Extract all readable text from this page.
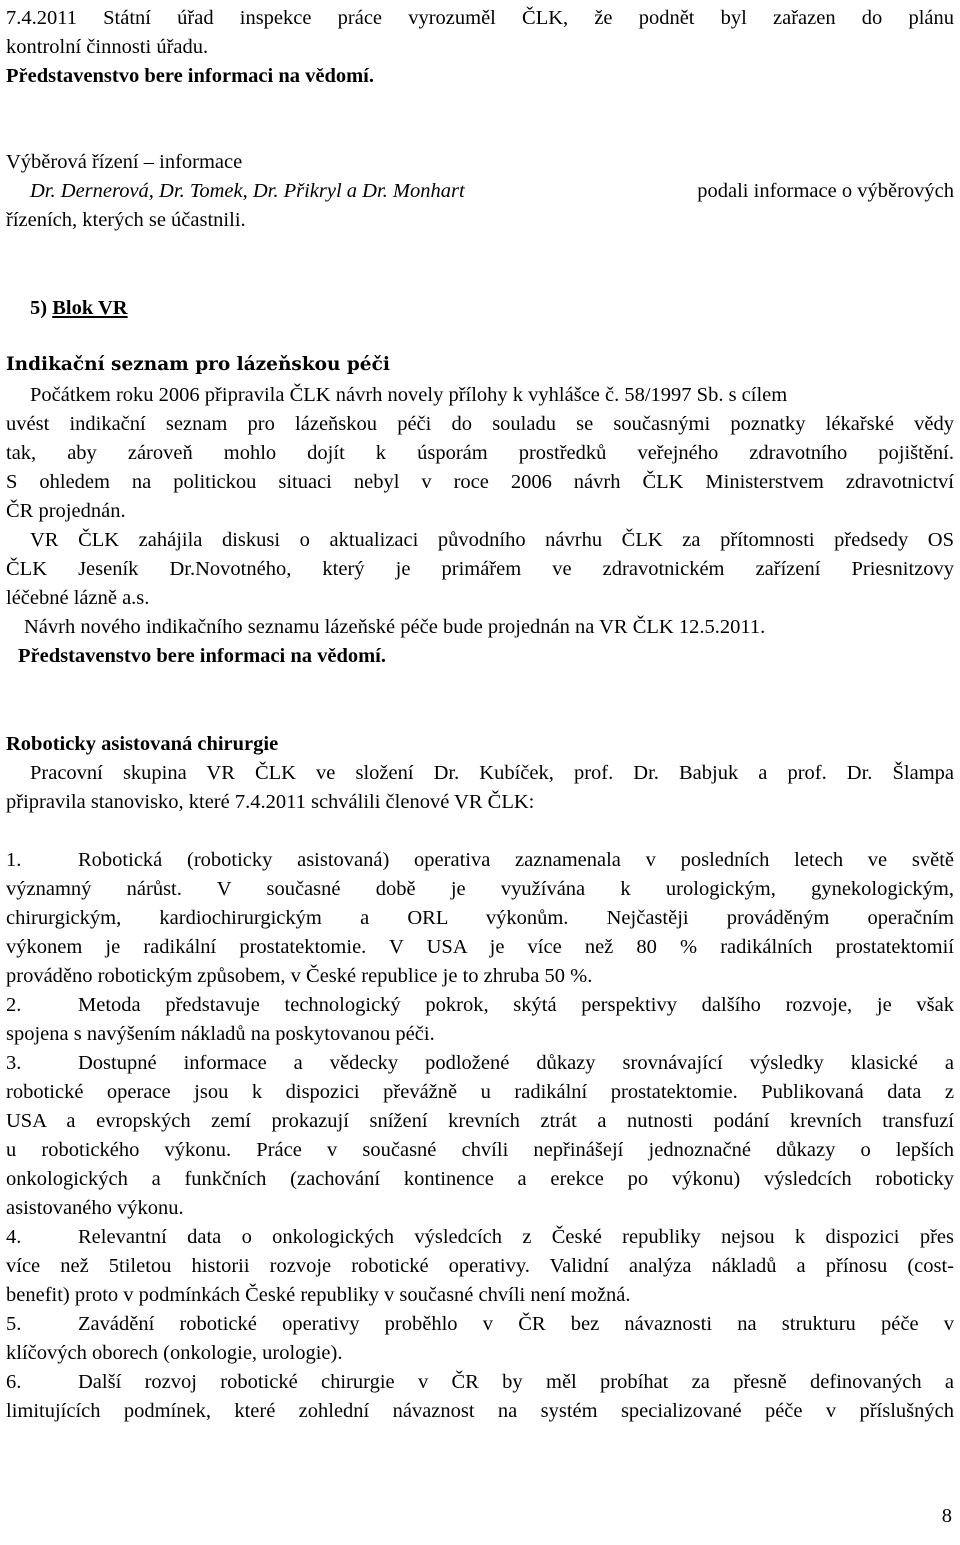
7.4.2011 Státní úřad inspekce práce vyrozuměl ČLK, že podnět byl zařazen do plánu
kontrolní činnosti úřadu.
Představenstvo bere informaci na vědomí.
Výběrová řízení – informace
Dr. Dernerová, Dr. Tomek, Dr. Přikryl a Dr. Monhart	podali informace o výběrových
řízeních, kterých se účastnili.
5) Blok VR
Indikační seznam pro lázeňskou péči
Počátkem roku 2006 připravila ČLK návrh novely přílohy k vyhlášce č. 58/1997 Sb. s cílem
uvést indikační seznam pro lázeňskou péči do souladu se současnými poznatky lékařské vědy
tak, aby zároveň mohlo dojít k úsporám prostředků veřejného zdravotního pojištění.
S ohledem na politickou situaci nebyl v roce 2006 návrh ČLK Ministerstvem zdravotnictví
ČR projednán.
VR ČLK zahájila diskusi o aktualizaci původního návrhu ČLK za přítomnosti předsedy OS
ČLK Jeseník Dr.Novotného, který je primářem ve zdravotnickém zařízení Priesnitzovy
léčebné lázně a.s.
Návrh nového indikačního seznamu lázeňské péče bude projednán na VR ČLK 12.5.2011.
Představenstvo bere informaci na vědomí.
Roboticky asistovaná chirurgie
Pracovní skupina VR ČLK ve složení Dr. Kubíček, prof. Dr. Babjuk a prof. Dr. Šlampa
připravila stanovisko, které 7.4.2011 schválili členové VR ČLK:
1.	Robotická (roboticky asistovaná) operativa zaznamenala v posledních letech ve světě
významný nárůst. V současné době je využívána k urologickým, gynekologickým,
chirurgickým, kardiochirurgickým a ORL výkonům. Nejčastěji prováděným operačním
výkonem je radikální prostatektomie. V USA je více než 80 % radikálních prostatektomií
prováděno robotickým způsobem, v České republice je to zhruba 50 %.
2.	Metoda představuje technologický pokrok, skýtá perspektivy dalšího rozvoje, je však
spojena s navýšením nákladů na poskytovanou péči.
3.	Dostupné informace a vědecky podložené důkazy srovnávající výsledky klasické a
robotické operace jsou k dispozici převážně u radikální prostatektomie. Publikovaná data z
USA a evropských zemí prokazují snížení krevních ztrát a nutnosti podání krevních transfuzí
u robotického výkonu. Práce v současné chvíli nepřinášejí jednoznačné důkazy o lepších
onkologických a funkčních (zachování kontinence a erekce po výkonu) výsledcích roboticky
asistovaného výkonu.
4.	Relevantní data o onkologických výsledcích z České republiky nejsou k dispozici přes
více než 5tiletou historii rozvoje robotické operativy. Validní analýza nákladů a přínosu (cost-
benefit) proto v podmínkách České republiky v současné chvíli není možná.
5.	Zavádění robotické operativy proběhlo v ČR bez návaznosti na strukturu péče v
klíčových oborech (onkologie, urologie).
6.	Další rozvoj robotické chirurgie v ČR by měl probíhat za přesně definovaných a
limitujících podmínek, které zohlední návaznost na systém specializované péče v příslušných
8
